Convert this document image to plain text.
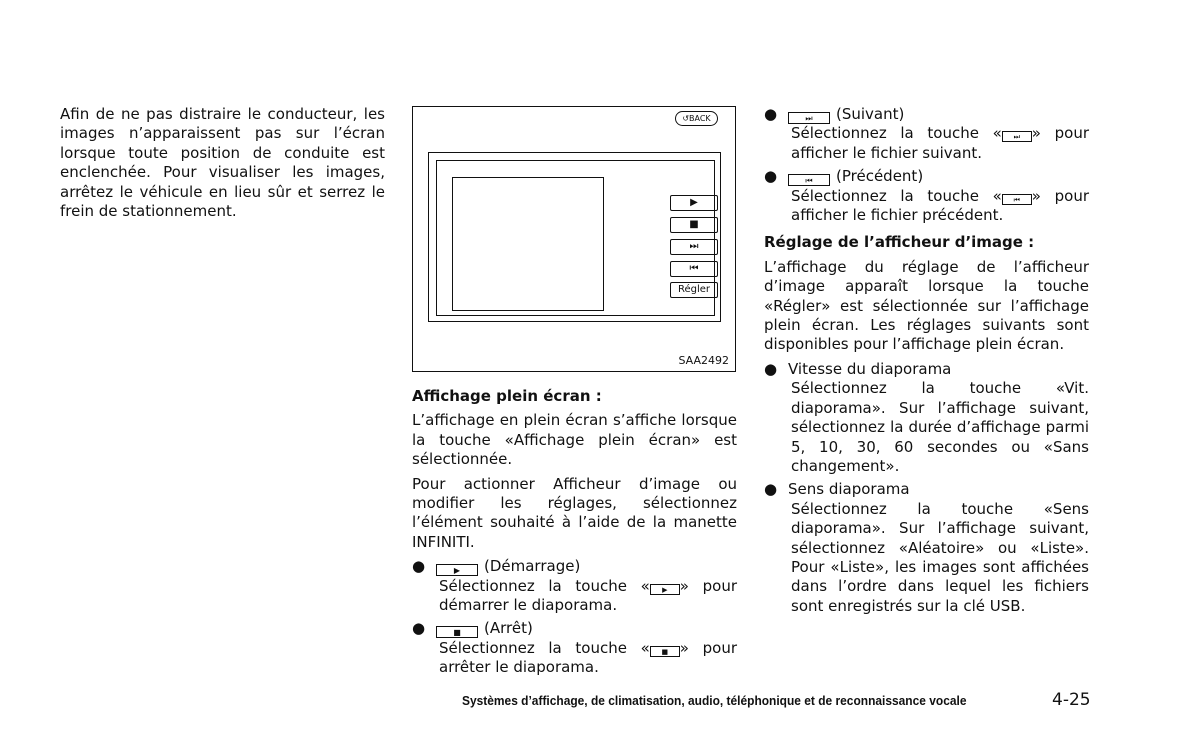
Afin de ne pas distraire le conducteur, les images n’apparaissent pas sur l’écran lorsque toute position de conduite est enclenchée. Pour visualiser les images, arrêtez le véhicule en lieu sûr et serrez le frein de stationnement.

↺BACK
▶
■
⏭
⏮
Régler
SAA2492

Affichage plein écran :

L’affichage en plein écran s’affiche lorsque la touche «Affichage plein écran» est sélectionnée.

Pour actionner Afficheur d’image ou modifier les réglages, sélectionnez l’élément souhaité à l’aide de la manette INFINITI.

●	▶ (Démarrage)
Sélectionnez la touche « ▶ » pour démarrer le diaporama.
●	■ (Arrêt)
Sélectionnez la touche « ■ » pour arrêter le diaporama.
●	⏭ (Suivant)
Sélectionnez la touche « ⏭ » pour afficher le fichier suivant.
●	⏮ (Précédent)
Sélectionnez la touche « ⏮ » pour afficher le fichier précédent.

Réglage de l’afficheur d’image :

L’affichage du réglage de l’afficheur d’image apparaît lorsque la touche «Régler» est sélectionnée sur l’affichage plein écran. Les réglages suivants sont disponibles pour l’affichage plein écran.

● Vitesse du diaporama
Sélectionnez la touche «Vit. diaporama». Sur l’affichage suivant, sélectionnez la durée d’affichage parmi 5, 10, 30, 60 secondes ou «Sans changement».
● Sens diaporama
Sélectionnez la touche «Sens diaporama». Sur l’affichage suivant, sélectionnez «Aléatoire» ou «Liste». Pour «Liste», les images sont affichées dans l’ordre dans lequel les fichiers sont enregistrés sur la clé USB.
Systèmes d’affichage, de climatisation, audio, téléphonique et de reconnaissance vocale	4-25
